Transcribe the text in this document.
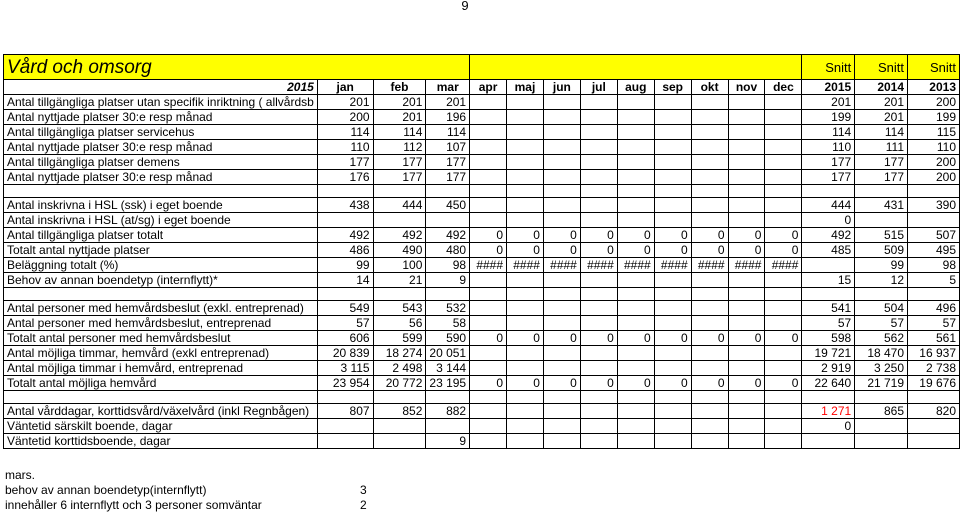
9
Vård och omsorg													Snitt	Snitt	Snitt
2015	jan	feb	mar	apr	maj	jun	jul	aug	sep	okt	nov	dec	2015	2014	2013
Antal tillgängliga platser utan specifik inriktning ( allvårdsb	201	201	201										201	201	200
Antal nyttjade platser 30:e resp månad	200	201	196										199	201	199
Antal tillgängliga platser servicehus	114	114	114										114	114	115
Antal nyttjade platser 30:e resp månad	110	112	107										110	111	110
Antal tillgängliga platser demens	177	177	177										177	177	200
Antal nyttjade platser 30:e resp månad	176	177	177										177	177	200

Antal inskrivna i HSL (ssk) i eget boende	438	444	450										444	431	390
Antal inskrivna i HSL (at/sg) i eget boende													0		
Antal tillgängliga platser totalt	492	492	492	0	0	0	0	0	0	0	0	0	492	515	507
Totalt antal nyttjade platser	486	490	480	0	0	0	0	0	0	0	0	0	485	509	495
Beläggning totalt (%)	99	100	98	####	####	####	####	####	####	####	####	####		99	98
Behov av annan boendetyp (internflytt)*	14	21	9										15	12	5

Antal personer med hemvårdsbeslut (exkl. entreprenad)	549	543	532										541	504	496
Antal personer med hemvårdsbeslut, entreprenad	57	56	58										57	57	57
Totalt antal personer med hemvårdsbeslut	606	599	590	0	0	0	0	0	0	0	0	0	598	562	561
Antal möjliga timmar, hemvård (exkl entreprenad)	20 839	18 274	20 051										19 721	18 470	16 937
Antal möjliga timmar i hemvård, entreprenad	3 115	2 498	3 144										2 919	3 250	2 738
Totalt antal möjliga hemvård	23 954	20 772	23 195	0	0	0	0	0	0	0	0	0	22 640	21 719	19 676

Antal vårddagar, korttidsvård/växelvård (inkl Regnbågen)	807	852	882										1 271	865	820
Väntetid särskilt boende, dagar													0		
Väntetid korttidsboende, dagar			9												
mars.
behov av annan boendetyp(internflytt)	3
innehåller 6 internflytt och 3 personer somväntar	2
